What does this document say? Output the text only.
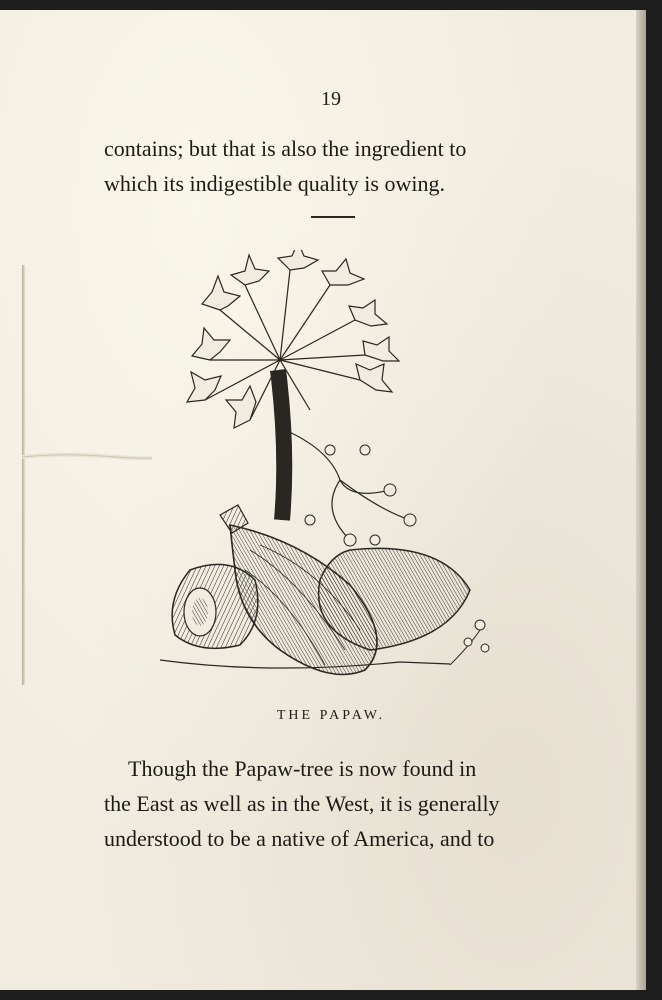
19
contains; but that is also the ingredient to
which its indigestible quality is owing.
THE PAPAW.
Though the Papaw-tree is now found in
the East as well as in the West, it is generally
understood to be a native of America, and to
